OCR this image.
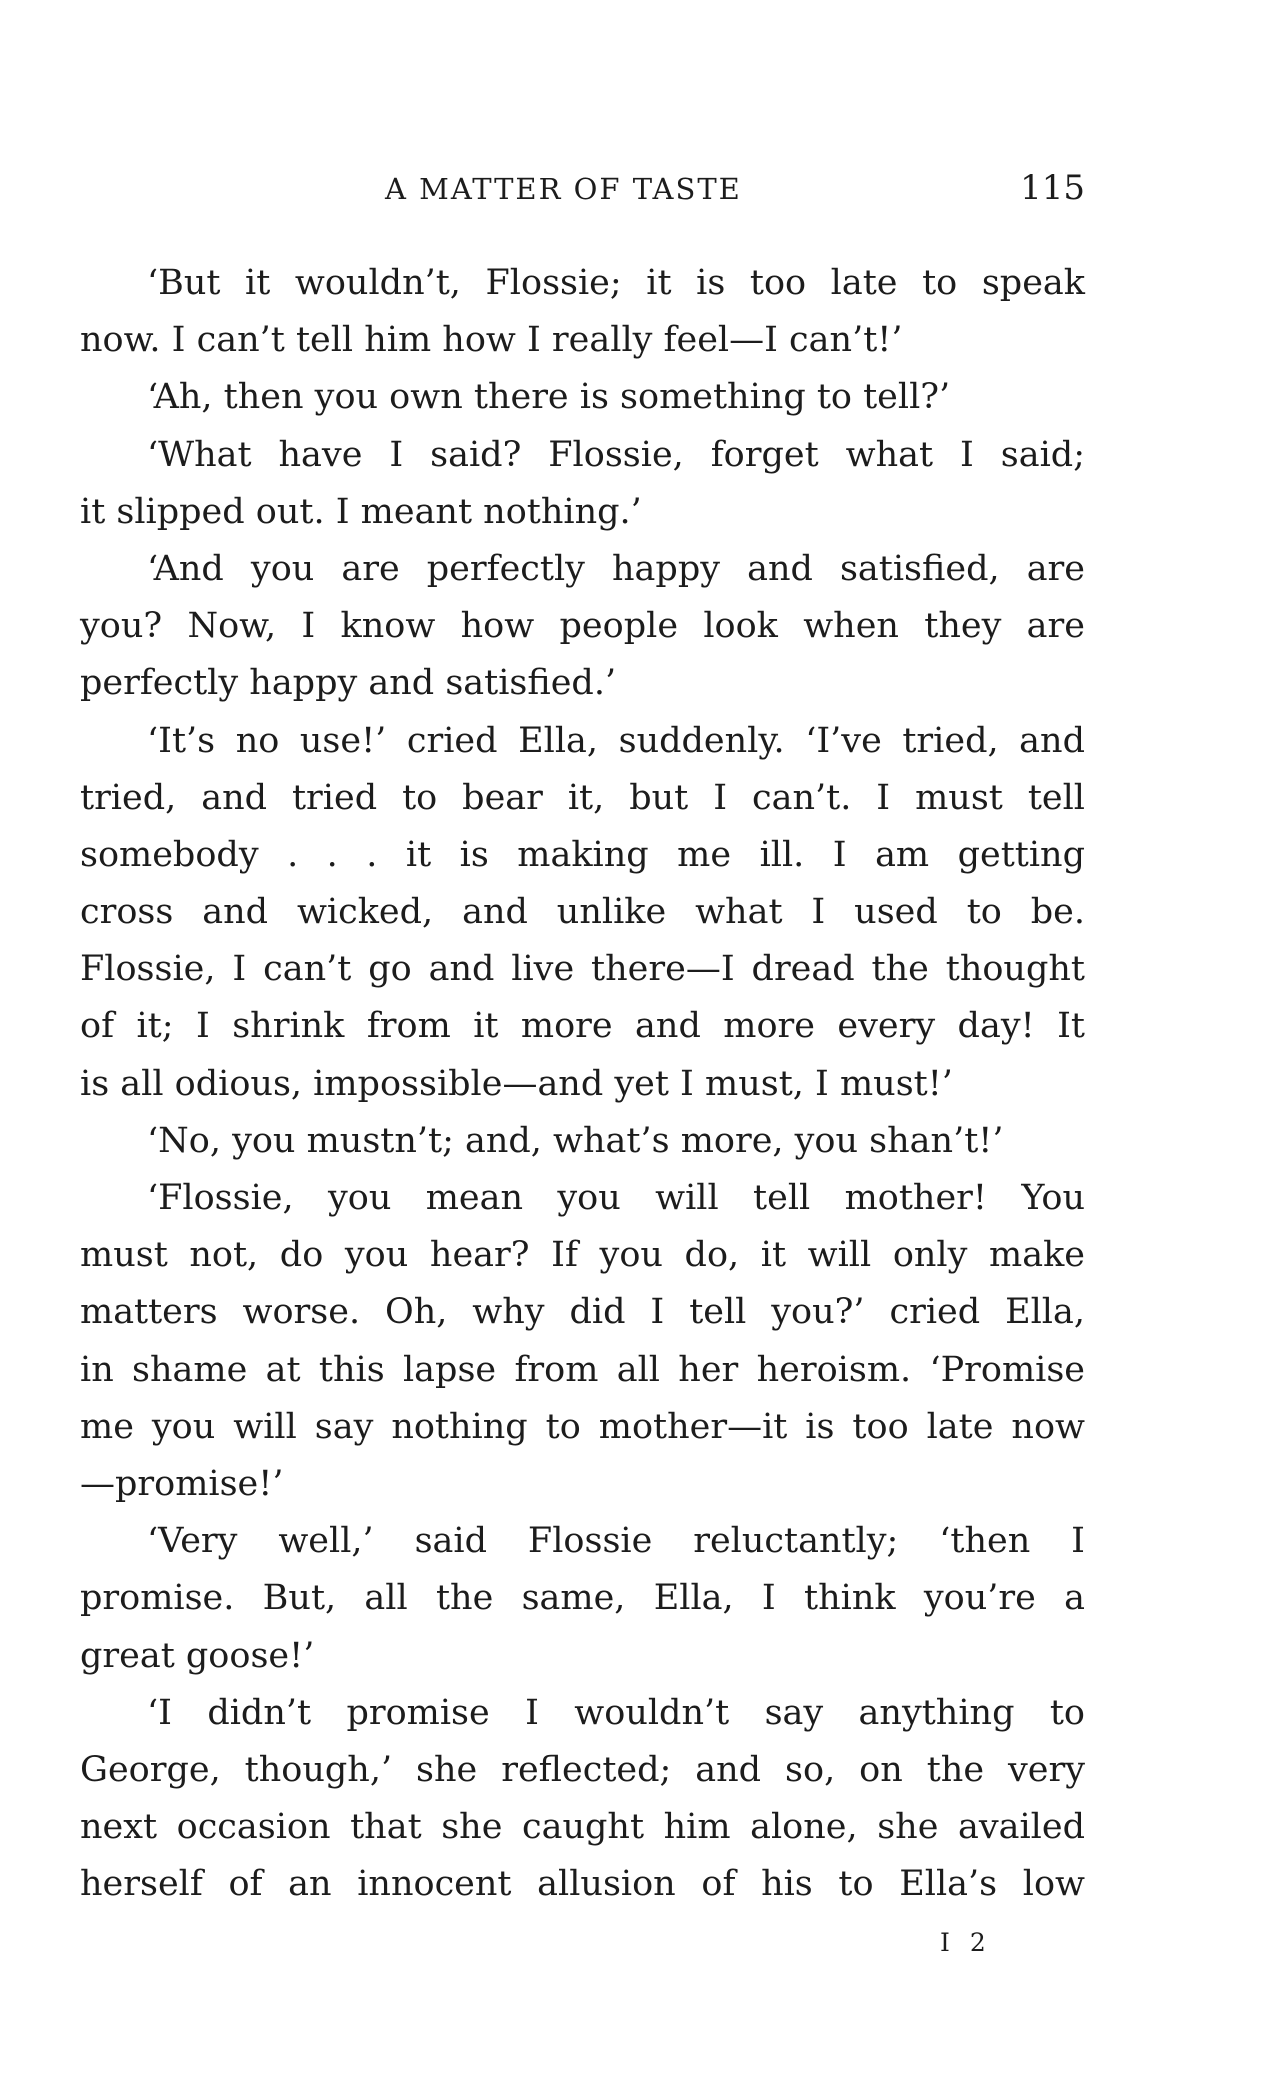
A MATTER OF TASTE	115
‘But it wouldn’t, Flossie; it is too late to speak
now. I can’t tell him how I really feel—I can’t!’
‘Ah, then you own there is something to tell?’
‘What have I said? Flossie, forget what I said;
it slipped out. I meant nothing.’
‘And you are perfectly happy and satisfied, are
you? Now, I know how people look when they are
perfectly happy and satisfied.’
‘It’s no use!’ cried Ella, suddenly. ‘I’ve tried, and
tried, and tried to bear it, but I can’t. I must tell
somebody . . . it is making me ill. I am getting
cross and wicked, and unlike what I used to be.
Flossie, I can’t go and live there—I dread the thought
of it; I shrink from it more and more every day! It
is all odious, impossible—and yet I must, I must!’
‘No, you mustn’t; and, what’s more, you shan’t!’
‘Flossie, you mean you will tell mother! You
must not, do you hear? If you do, it will only make
matters worse. Oh, why did I tell you?’ cried Ella,
in shame at this lapse from all her heroism. ‘Promise
me you will say nothing to mother—it is too late now
—promise!’
‘Very well,’ said Flossie reluctantly; ‘then I
promise. But, all the same, Ella, I think you’re a
great goose!’
‘I didn’t promise I wouldn’t say anything to
George, though,’ she reflected; and so, on the very
next occasion that she caught him alone, she availed
herself of an innocent allusion of his to Ella’s low
I 2
